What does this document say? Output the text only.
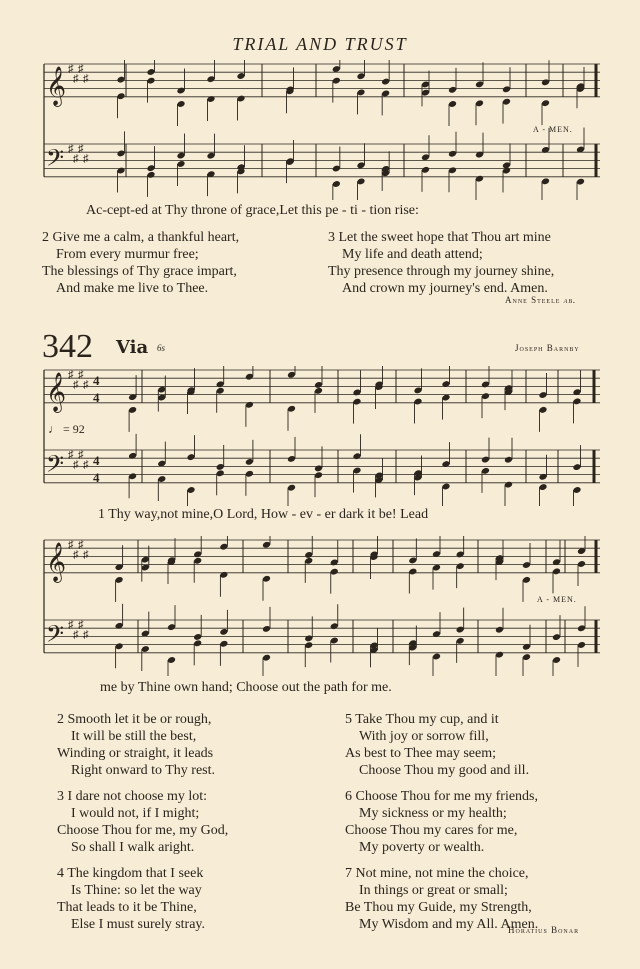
TRIAL AND TRUST
𝄞 ♯
♯
♯
♯
𝄢 ♯
♯
♯
♯
A - MEN.
Ac-cept-ed at Thy throne of grace,Let this pe - ti - tion rise:
2 Give me a calm, a thankful heart,
From every murmur free;
The blessings of Thy grace impart,
And make me live to Thee.
3 Let the sweet hope that Thou art mine
My life and death attend;
Thy presence through my journey shine,
And crown my journey's end. Amen.
Anne Steele ab.
342 Via 6s	Joseph Barnby
𝄞 ♯
♯
♯
♯ 4
4
𝄢 ♯
♯
♯
♯ 4
4
♩ = 92
1 Thy way,not mine,O Lord, How - ev - er dark it be! Lead
𝄞 ♯
♯
♯
♯
𝄢 ♯
♯
♯
♯
A - MEN.
me by Thine own hand; Choose out the path for me.
2 Smooth let it be or rough,
It will be still the best,
Winding or straight, it leads
Right onward to Thy rest.
3 I dare not choose my lot:
I would not, if I might;
Choose Thou for me, my God,
So shall I walk aright.
4 The kingdom that I seek
Is Thine: so let the way
That leads to it be Thine,
Else I must surely stray.
5 Take Thou my cup, and it
With joy or sorrow fill,
As best to Thee may seem;
Choose Thou my good and ill.
6 Choose Thou for me my friends,
My sickness or my health;
Choose Thou my cares for me,
My poverty or wealth.
7 Not mine, not mine the choice,
In things or great or small;
Be Thou my Guide, my Strength,
My Wisdom and my All. Amen.
Horatius Bonar
